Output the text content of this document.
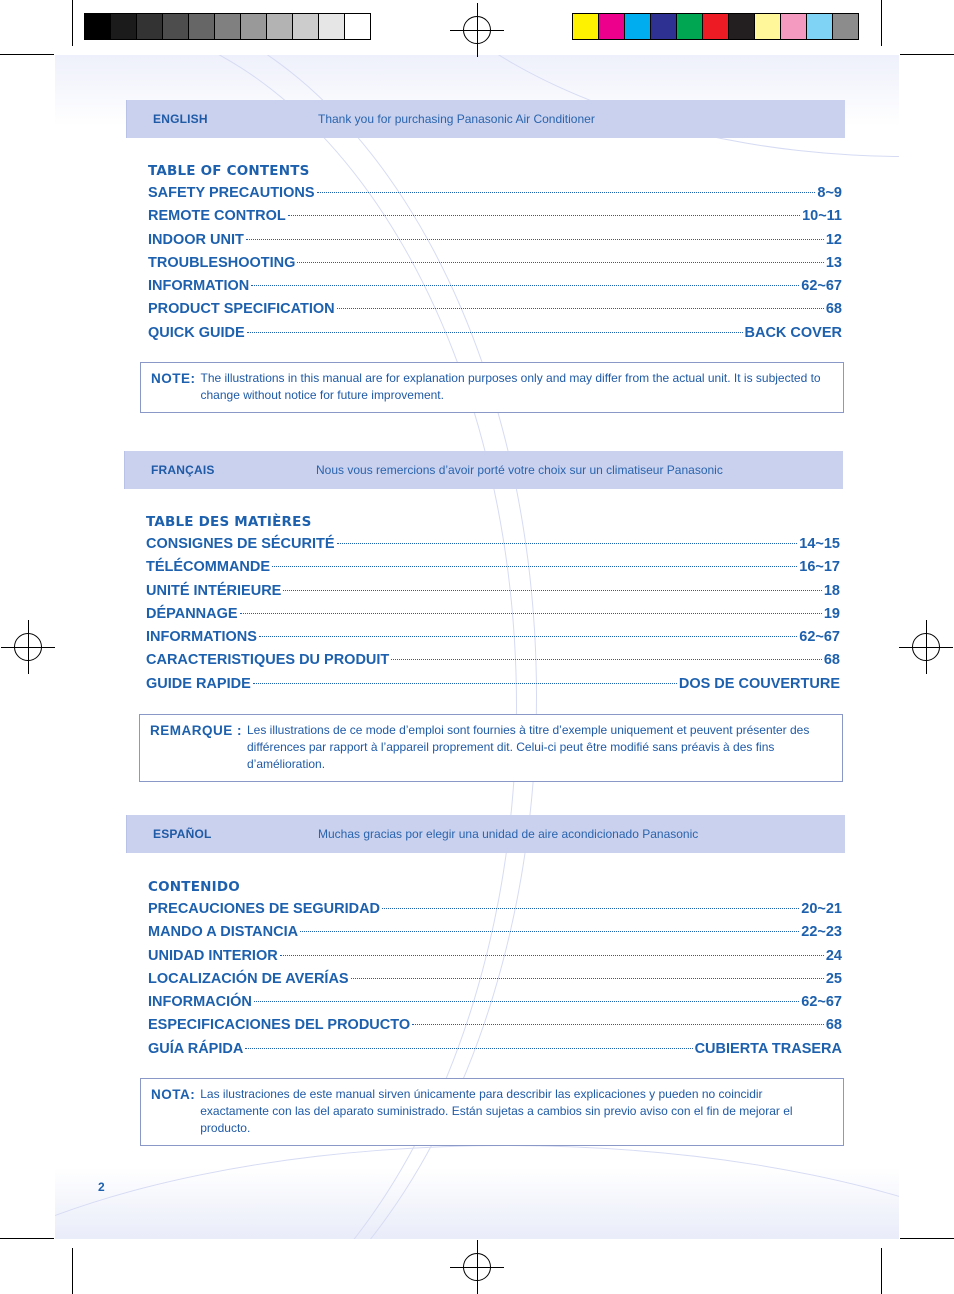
ENGLISH	Thank you for purchasing Panasonic Air Conditioner
TABLE OF CONTENTS
SAFETY PRECAUTIONS	8~9
REMOTE CONTROL	10~11
INDOOR UNIT	12
TROUBLESHOOTING	13
INFORMATION	62~67
PRODUCT SPECIFICATION	68
QUICK GUIDE	BACK COVER
NOTE: The illustrations in this manual are for explanation purposes only and may differ from the actual unit. It is subjected to change without notice for future improvement.
FRANÇAIS	Nous vous remercions d’avoir porté votre choix sur un climatiseur Panasonic
TABLE DES MATIÈRES
CONSIGNES DE SÉCURITÉ	14~15
TÉLÉCOMMANDE	16~17
UNITÉ INTÉRIEURE	18
DÉPANNAGE	19
INFORMATIONS	62~67
CARACTERISTIQUES DU PRODUIT	68
GUIDE RAPIDE	DOS DE COUVERTURE
REMARQUE : Les illustrations de ce mode d’emploi sont fournies à titre d’exemple uniquement et peuvent présenter des différences par rapport à l’appareil proprement dit. Celui-ci peut être modifié sans préavis à des fins d’amélioration.
ESPAÑOL	Muchas gracias por elegir una unidad de aire acondicionado Panasonic
CONTENIDO
PRECAUCIONES DE SEGURIDAD	20~21
MANDO A DISTANCIA	22~23
UNIDAD INTERIOR	24
LOCALIZACIÓN DE AVERÍAS	25
INFORMACIÓN	62~67
ESPECIFICACIONES DEL PRODUCTO	68
GUÍA RÁPIDA	CUBIERTA TRASERA
NOTA: Las ilustraciones de este manual sirven únicamente para describir las explicaciones y pueden no coincidir exactamente con las del aparato suministrado. Están sujetas a cambios sin previo aviso con el fin de mejorar el producto.
2
